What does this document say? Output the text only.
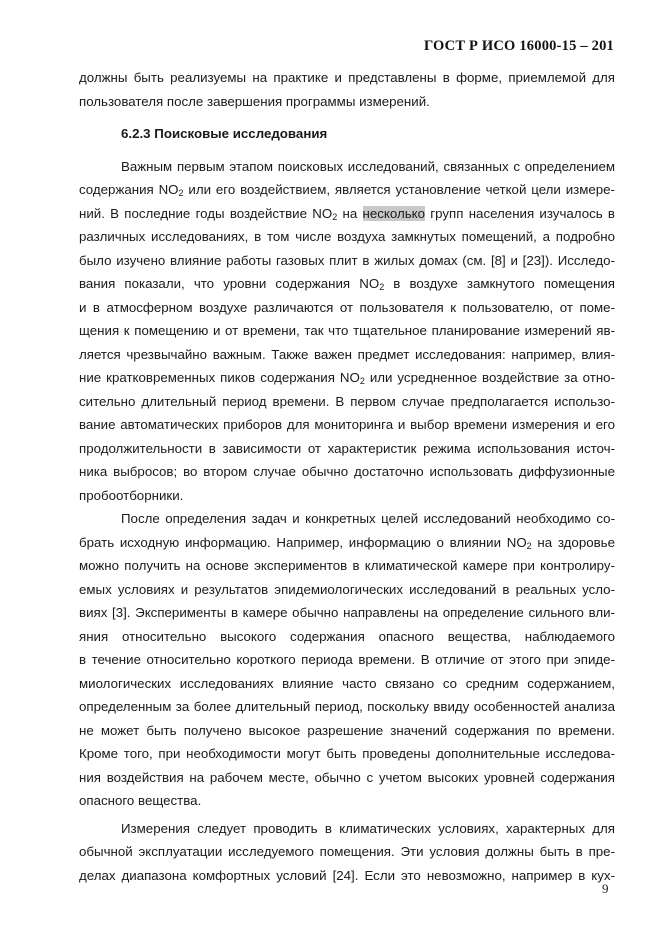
ГОСТ Р ИСО 16000-15 – 201
должны быть реализуемы на практике и представлены в форме, приемлемой для
пользователя после завершения программы измерений.
6.2.3 Поисковые исследования
Важным первым этапом поисковых исследований, связанных с определением
содержания $NO_2$ или его воздействием, является установление четкой цели измере-
ний. В последние годы воздействие $NO_2$ на несколько групп населения изучалось в
различных исследованиях, в том числе воздуха замкнутых помещений, а подробно
было изучено влияние работы газовых плит в жилых домах (см. [8] и [23]). Исследо-
вания показали, что уровни содержания $NO_2$ в воздухе замкнутого помещения
и в атмосферном воздухе различаются от пользователя к пользователю, от поме-
щения к помещению и от времени, так что тщательное планирование измерений яв-
ляется чрезвычайно важным. Также важен предмет исследования: например, влия-
ние кратковременных пиков содержания $NO_2$ или усредненное воздействие за отно-
сительно длительный период времени. В первом случае предполагается использо-
вание автоматических приборов для мониторинга и выбор времени измерения и его
продолжительности в зависимости от характеристик режима использования источ-
ника выбросов; во втором случае обычно достаточно использовать диффузионные
пробоотборники.
После определения задач и конкретных целей исследований необходимо со-
брать исходную информацию. Например, информацию о влиянии $NO_2$ на здоровье
можно получить на основе экспериментов в климатической камере при контролиру-
емых условиях и результатов эпидемиологических исследований в реальных усло-
виях [3]. Эксперименты в камере обычно направлены на определение сильного вли-
яния относительно высокого содержания опасного вещества, наблюдаемого
в течение относительно короткого периода времени. В отличие от этого при эпиде-
миологических исследованиях влияние часто связано со средним содержанием,
определенным за более длительный период, поскольку ввиду особенностей анализа
не может быть получено высокое разрешение значений содержания по времени.
Кроме того, при необходимости могут быть проведены дополнительные исследова-
ния воздействия на рабочем месте, обычно с учетом высоких уровней содержания
опасного вещества.
Измерения следует проводить в климатических условиях, характерных для
обычной эксплуатации исследуемого помещения. Эти условия должны быть в пре-
делах диапазона комфортных условий [24]. Если это невозможно, например в кух-
9
